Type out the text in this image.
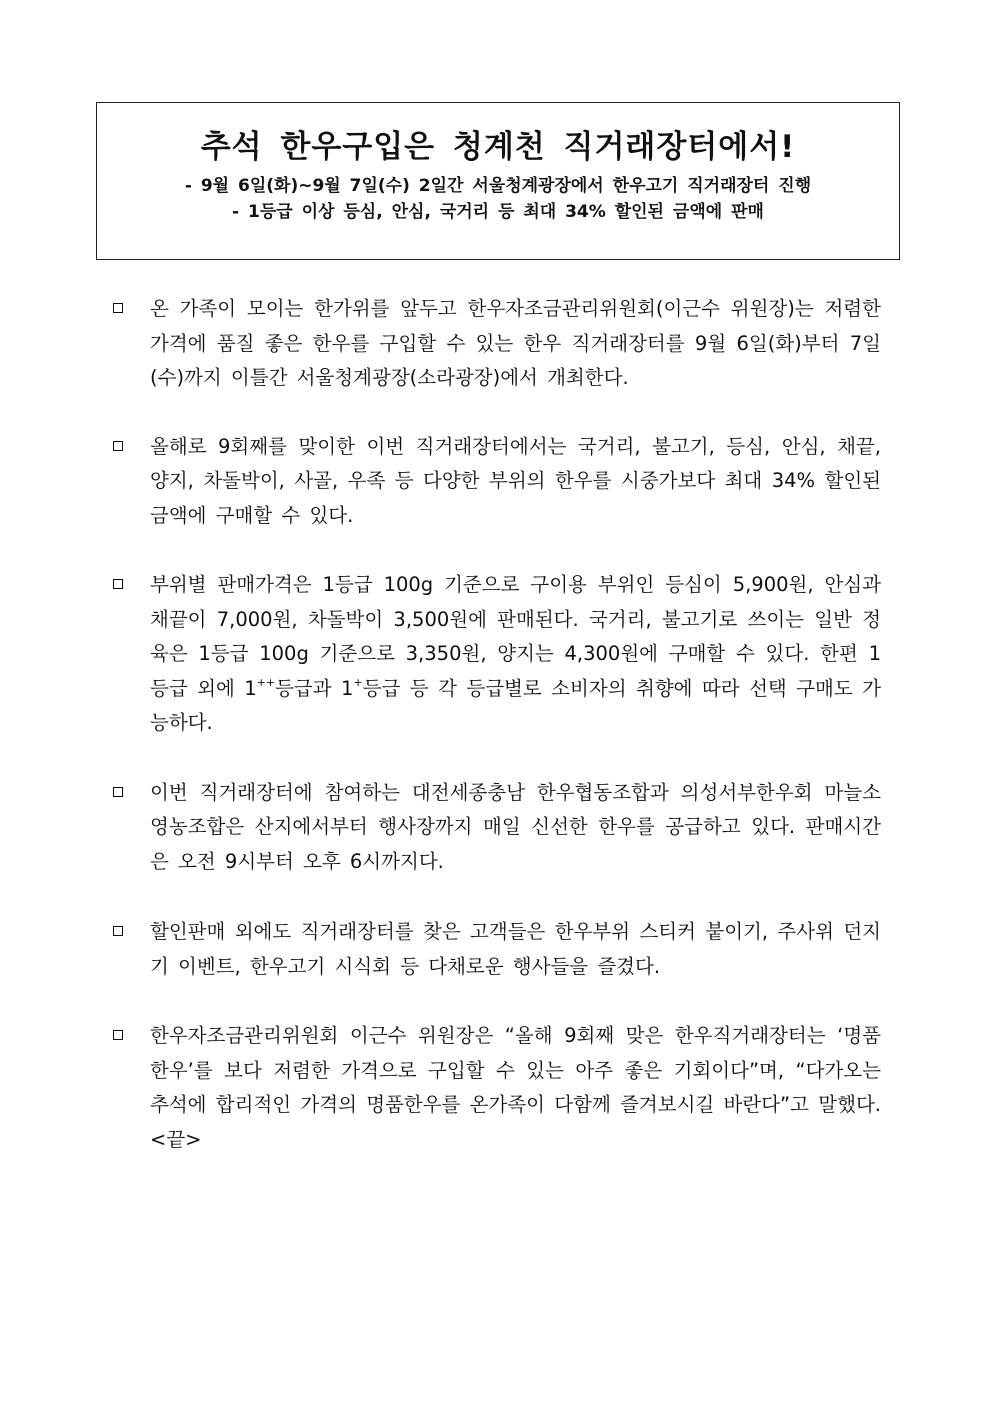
추석 한우구입은 청계천 직거래장터에서!

- 9월 6일(화)~9월 7일(수) 2일간 서울청계광장에서 한우고기 직거래장터 진행

- 1등급 이상 등심, 안심, 국거리 등 최대 34% 할인된 금액에 판매

온 가족이 모이는 한가위를 앞두고 한우자조금관리위원회(이근수 위원장)는 저렴한 가격에 품질 좋은 한우를 구입할 수 있는 한우 직거래장터를 9월 6일(화)부터 7일(수)까지 이틀간 서울청계광장(소라광장)에서 개최한다.
올해로 9회째를 맞이한 이번 직거래장터에서는 국거리, 불고기, 등심, 안심, 채끝, 양지, 차돌박이, 사골, 우족 등 다양한 부위의 한우를 시중가보다 최대 34% 할인된 금액에 구매할 수 있다.
부위별 판매가격은 1등급 100g 기준으로 구이용 부위인 등심이 5,900원, 안심과 채끝이 7,000원, 차돌박이 3,500원에 판매된다. 국거리, 불고기로 쓰이는 일반 정육은 1등급 100g 기준으로 3,350원, 양지는 4,300원에 구매할 수 있다. 한편 1등급 외에 1++등급과 1+등급 등 각 등급별로 소비자의 취향에 따라 선택 구매도 가능하다.
이번 직거래장터에 참여하는 대전세종충남 한우협동조합과 의성서부한우회 마늘소영농조합은 산지에서부터 행사장까지 매일 신선한 한우를 공급하고 있다. 판매시간은 오전 9시부터 오후 6시까지다.
할인판매 외에도 직거래장터를 찾은 고객들은 한우부위 스티커 붙이기, 주사위 던지기 이벤트, 한우고기 시식회 등 다채로운 행사들을 즐겼다.
한우자조금관리위원회 이근수 위원장은 “올해 9회째 맞은 한우직거래장터는 ‘명품한우’를 보다 저렴한 가격으로 구입할 수 있는 아주 좋은 기회이다”며, “다가오는 추석에 합리적인 가격의 명품한우를 온가족이 다함께 즐겨보시길 바란다”고 말했다.<끝>
